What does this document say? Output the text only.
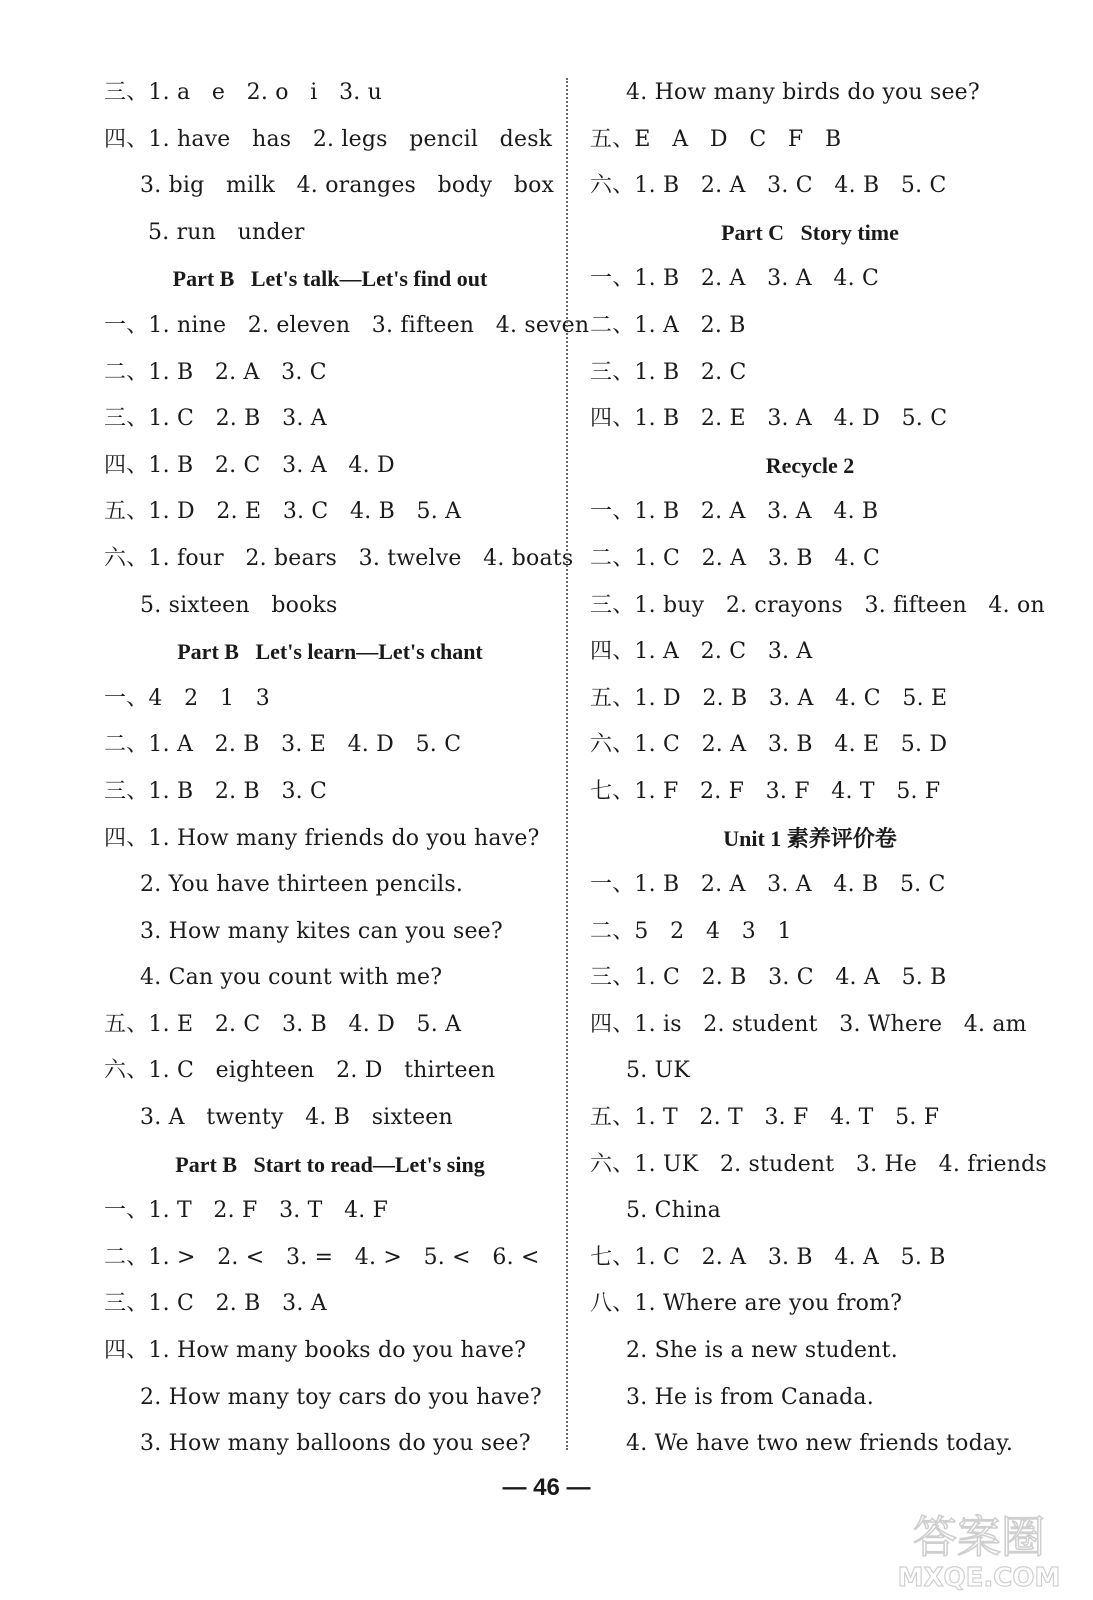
三、1. a   e   2. o   i   3. u
四、1. have   has   2. legs   pencil   desk
3. big   milk   4. oranges   body   box
5. run   under
Part B   Let's talk—Let's find out
一、1. nine   2. eleven   3. fifteen   4. seven
二、1. B   2. A   3. C
三、1. C   2. B   3. A
四、1. B   2. C   3. A   4. D
五、1. D   2. E   3. C   4. B   5. A
六、1. four   2. bears   3. twelve   4. boats
5. sixteen   books
Part B   Let's learn—Let's chant
一、4   2   1   3
二、1. A   2. B   3. E   4. D   5. C
三、1. B   2. B   3. C
四、1. How many friends do you have?
2. You have thirteen pencils.
3. How many kites can you see?
4. Can you count with me?
五、1. E   2. C   3. B   4. D   5. A
六、1. C   eighteen   2. D   thirteen
3. A   twenty   4. B   sixteen
Part B   Start to read—Let's sing
一、1. T   2. F   3. T   4. F
二、1. >   2. <   3. =   4. >   5. <   6. <
三、1. C   2. B   3. A
四、1. How many books do you have?
2. How many toy cars do you have?
3. How many balloons do you see?
4. How many birds do you see?
五、E   A   D   C   F   B
六、1. B   2. A   3. C   4. B   5. C
Part C   Story time
一、1. B   2. A   3. A   4. C
二、1. A   2. B
三、1. B   2. C
四、1. B   2. E   3. A   4. D   5. C
Recycle 2
一、1. B   2. A   3. A   4. B
二、1. C   2. A   3. B   4. C
三、1. buy   2. crayons   3. fifteen   4. on
四、1. A   2. C   3. A
五、1. D   2. B   3. A   4. C   5. E
六、1. C   2. A   3. B   4. E   5. D
七、1. F   2. F   3. F   4. T   5. F
Unit 1 素养评价卷
一、1. B   2. A   3. A   4. B   5. C
二、5   2   4   3   1
三、1. C   2. B   3. C   4. A   5. B
四、1. is   2. student   3. Where   4. am
5. UK
五、1. T   2. T   3. F   4. T   5. F
六、1. UK   2. student   3. He   4. friends
5. China
七、1. C   2. A   3. B   4. A   5. B
八、1. Where are you from?
2. She is a new student.
3. He is from Canada.
4. We have two new friends today.
— 46 —
答案圈
MXQE.COM
